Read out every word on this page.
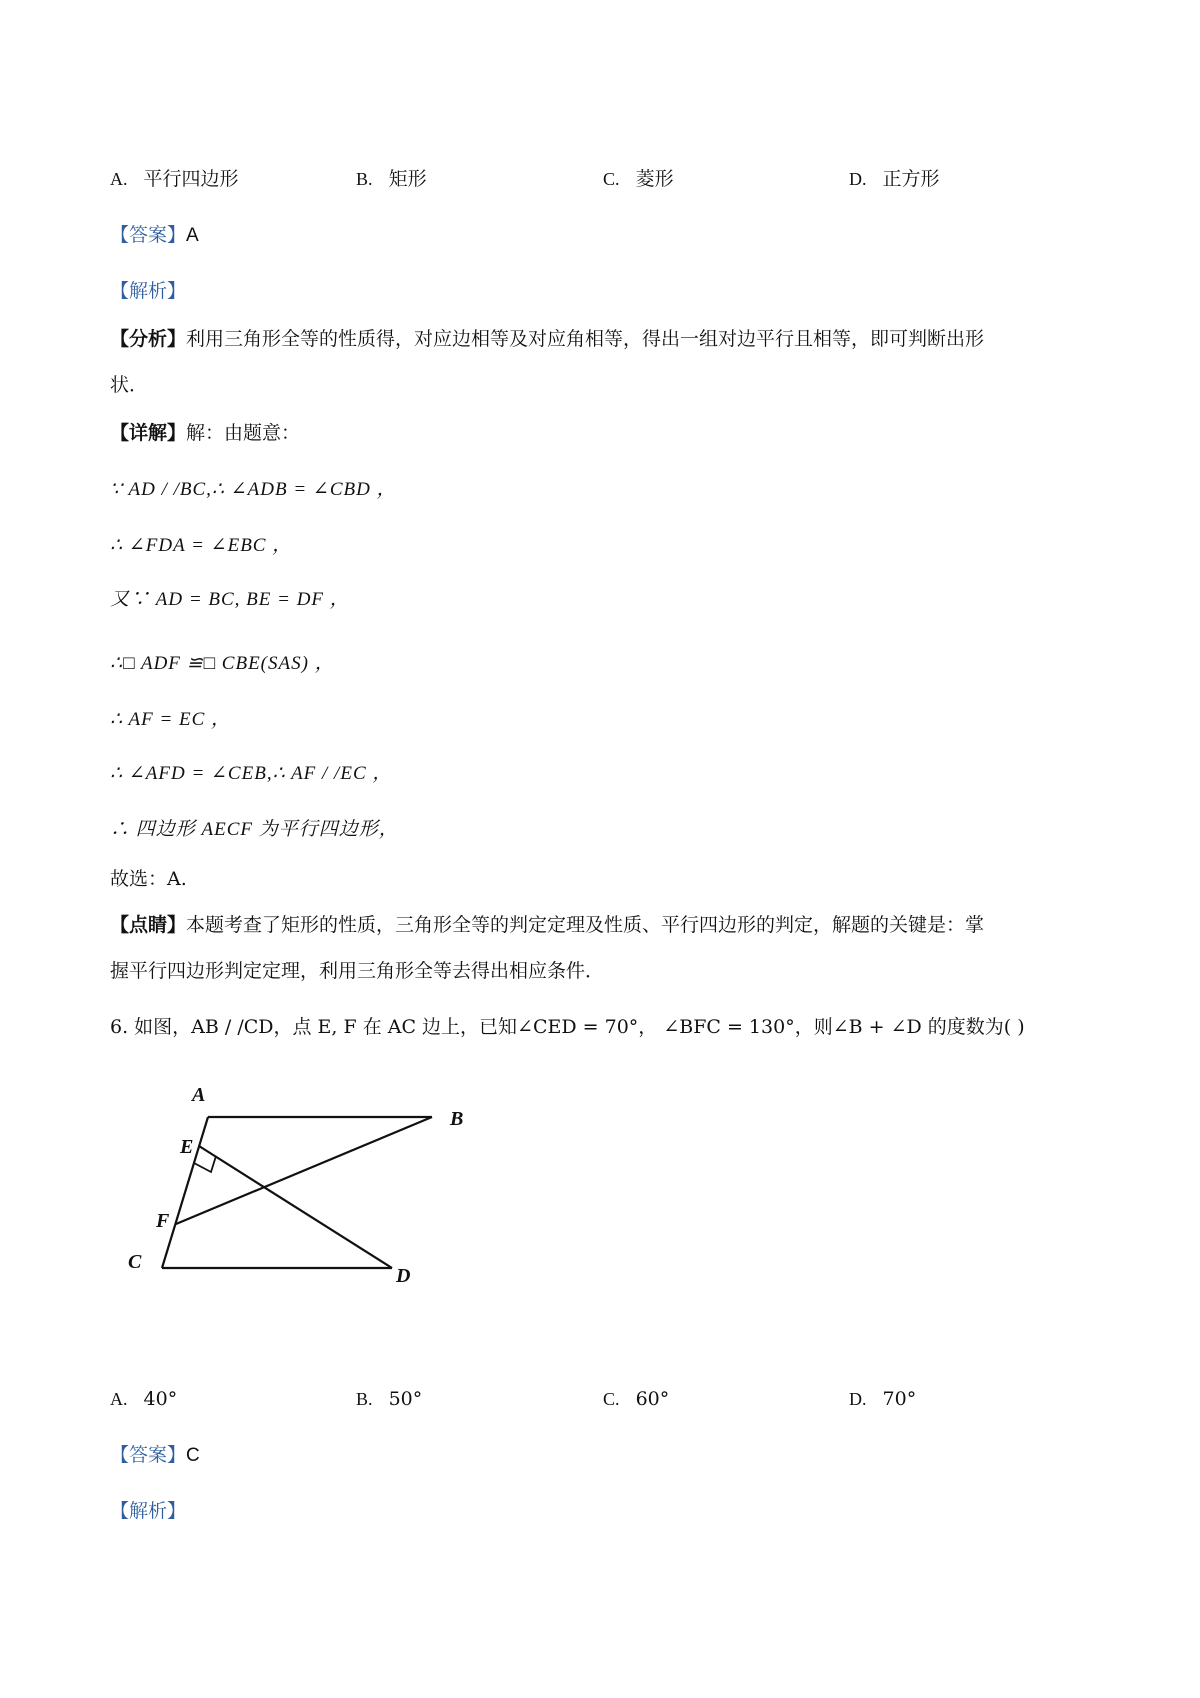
A. 平行四边形	B. 矩形	C. 菱形	D. 正方形
【答案】A
【解析】
【分析】利用三角形全等的性质得，对应边相等及对应角相等，得出一组对边平行且相等，即可判断出形
状．
【详解】解：由题意：
∵ AD / /BC,∴ ∠ADB = ∠CBD ，
∴ ∠FDA = ∠EBC ，
又∵ AD = BC, BE = DF ，
∴□ ADF ≌□ CBE(SAS) ，
∴ AF = EC ，
∴ ∠AFD = ∠CEB,∴ AF / /EC ，
∴ 四边形 AECF 为平行四边形，
故选：A.
【点睛】本题考查了矩形的性质，三角形全等的判定定理及性质、平行四边形的判定，解题的关键是：掌
握平行四边形判定定理，利用三角形全等去得出相应条件．
6. 如图，AB / /CD，点 E, F 在 AC 边上，已知∠CED = 70°， ∠BFC = 130°，则∠B + ∠D 的度数为( )
A
B
C
D
E
F
A. 40°	B. 50°	C. 60°	D. 70°
【答案】C
【解析】
